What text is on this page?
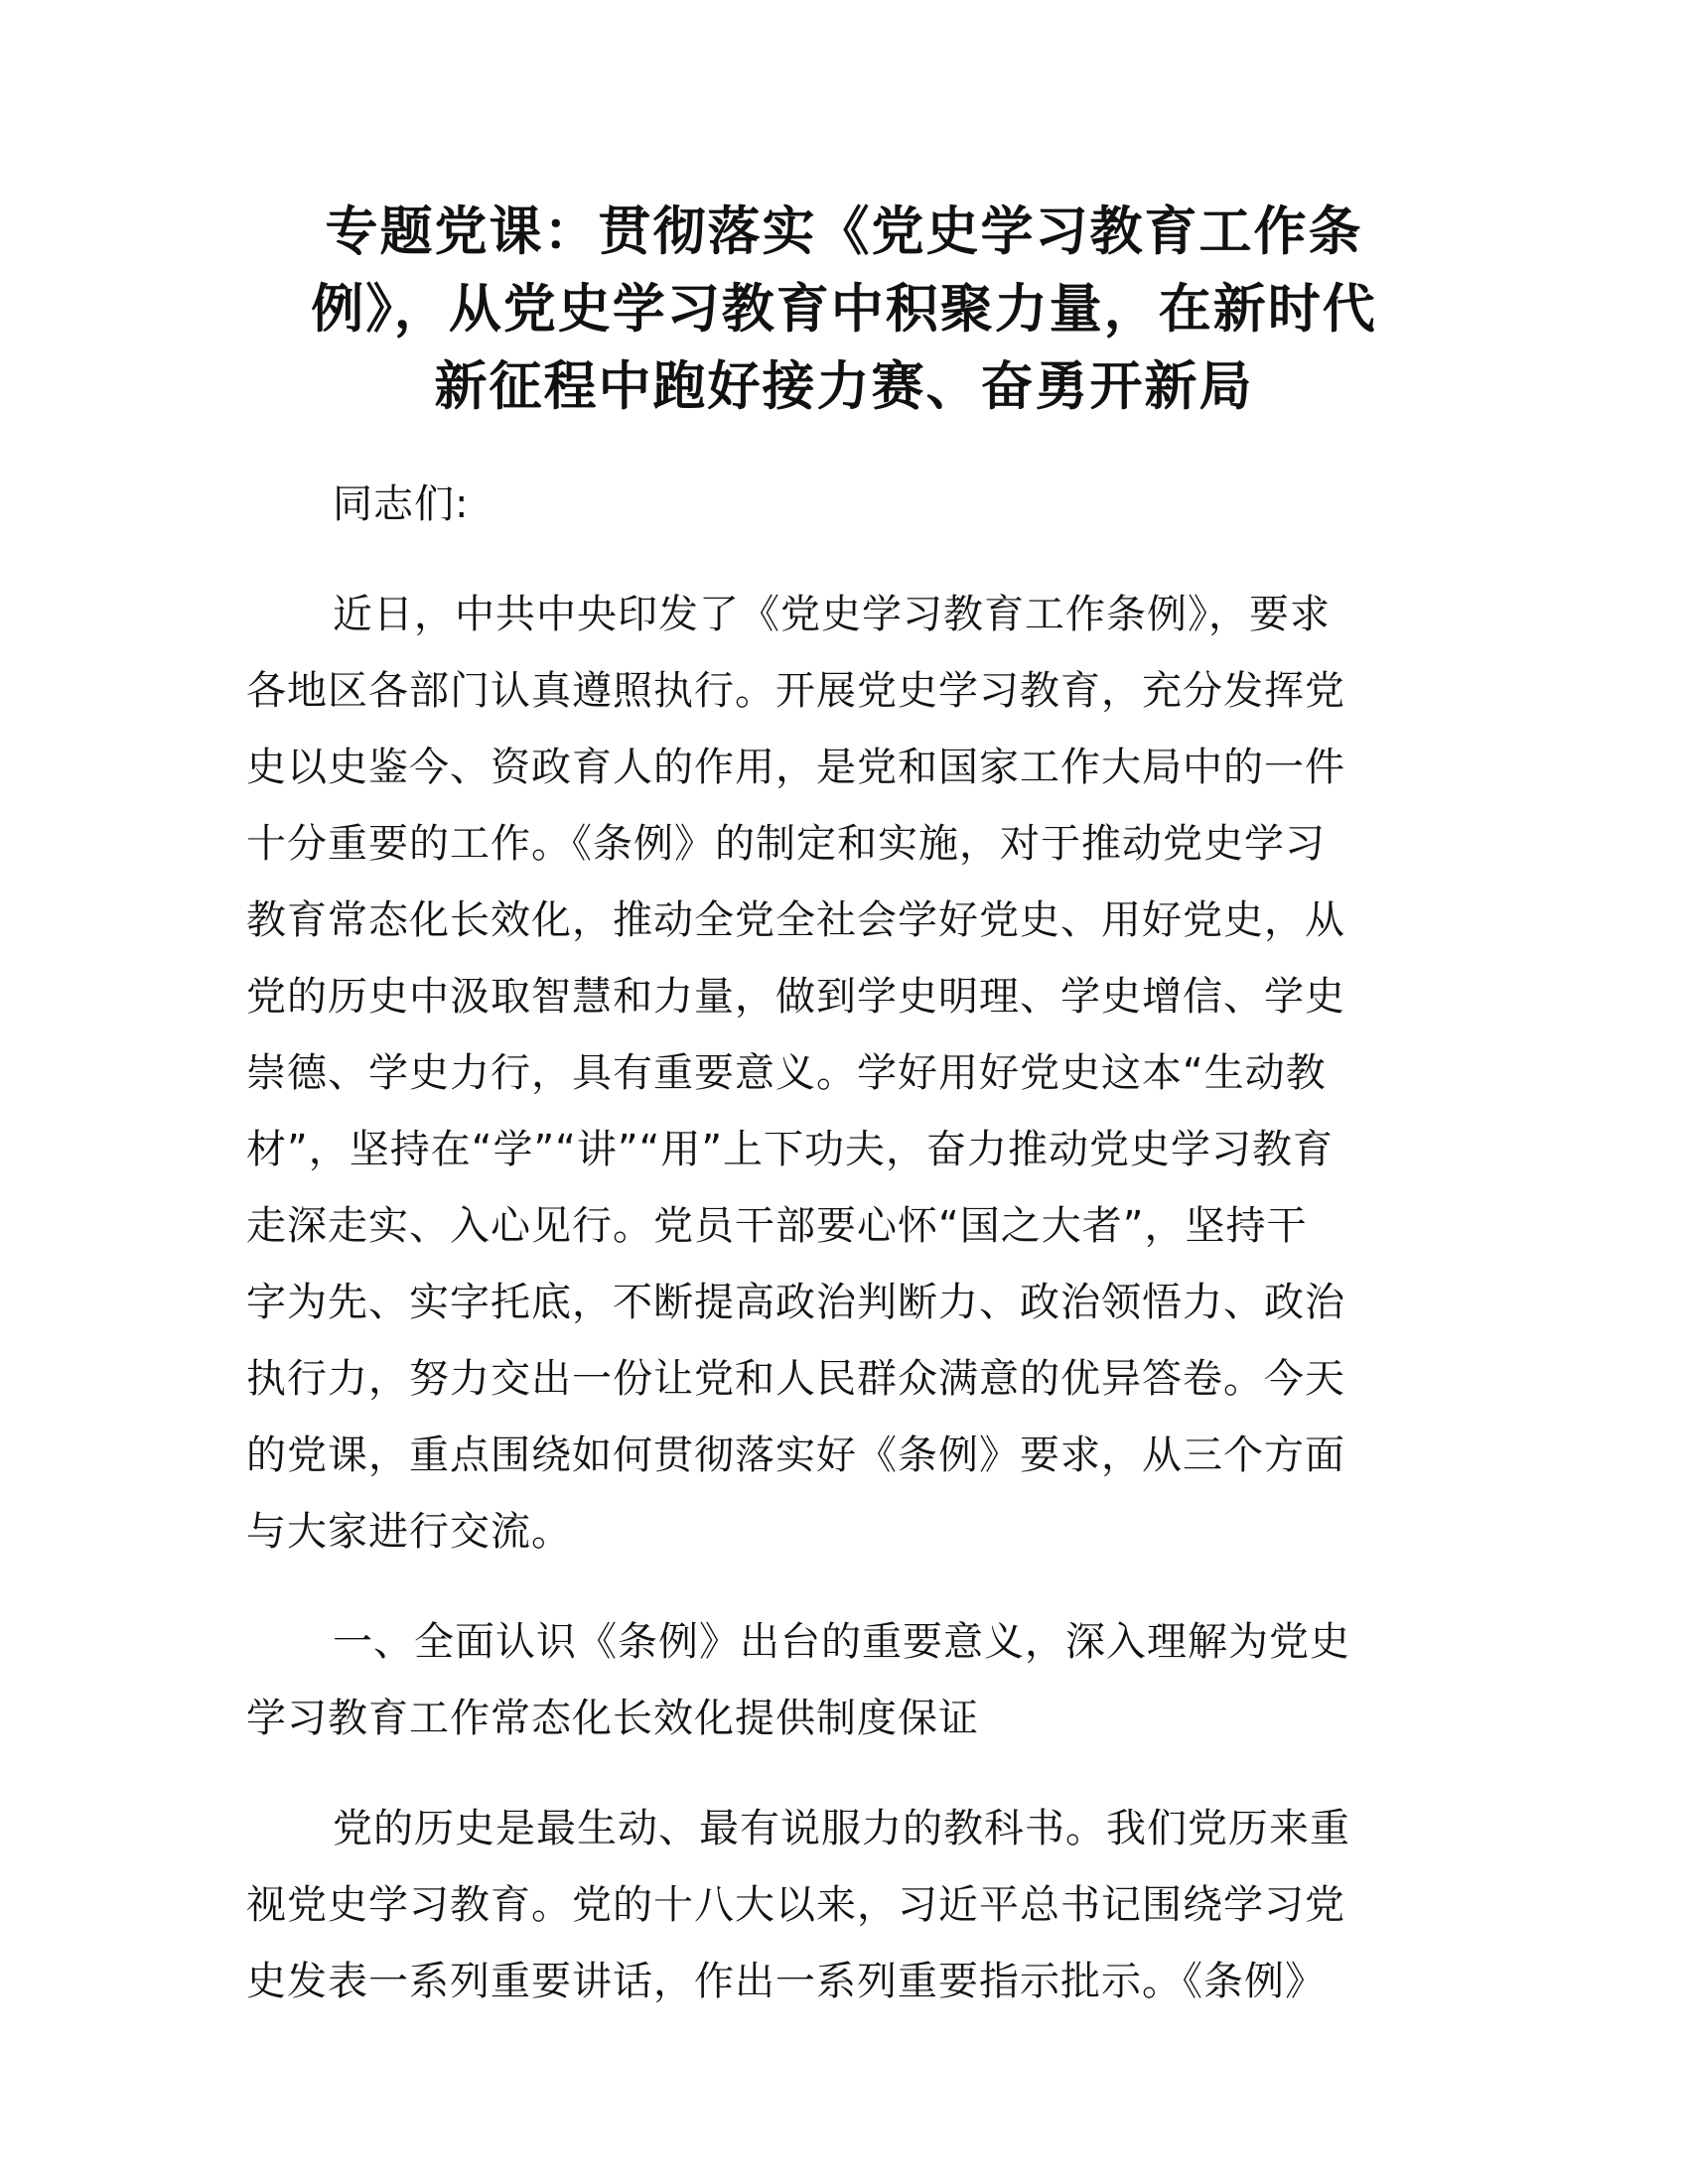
专题党课：贯彻落实《党史学习教育工作条
例》，从党史学习教育中积聚力量，在新时代
新征程中跑好接力赛、奋勇开新局

同志们:

近日，中共中央印发了《党史学习教育工作条例》，要求
各地区各部门认真遵照执行。开展党史学习教育，充分发挥党
史以史鉴今、资政育人的作用，是党和国家工作大局中的一件
十分重要的工作。《条例》的制定和实施，对于推动党史学习
教育常态化长效化，推动全党全社会学好党史、用好党史，从
党的历史中汲取智慧和力量，做到学史明理、学史增信、学史
崇德、学史力行，具有重要意义。学好用好党史这本“生动教
材”，坚持在“学”“讲”“用”上下功夫，奋力推动党史学习教育
走深走实、入心见行。党员干部要心怀“国之大者”，坚持干
字为先、实字托底，不断提高政治判断力、政治领悟力、政治
执行力，努力交出一份让党和人民群众满意的优异答卷。今天
的党课，重点围绕如何贯彻落实好《条例》要求，从三个方面
与大家进行交流。

一、全面认识《条例》出台的重要意义，深入理解为党史
学习教育工作常态化长效化提供制度保证

党的历史是最生动、最有说服力的教科书。我们党历来重
视党史学习教育。党的十八大以来，习近平总书记围绕学习党
史发表一系列重要讲话，作出一系列重要指示批示。《条例》
